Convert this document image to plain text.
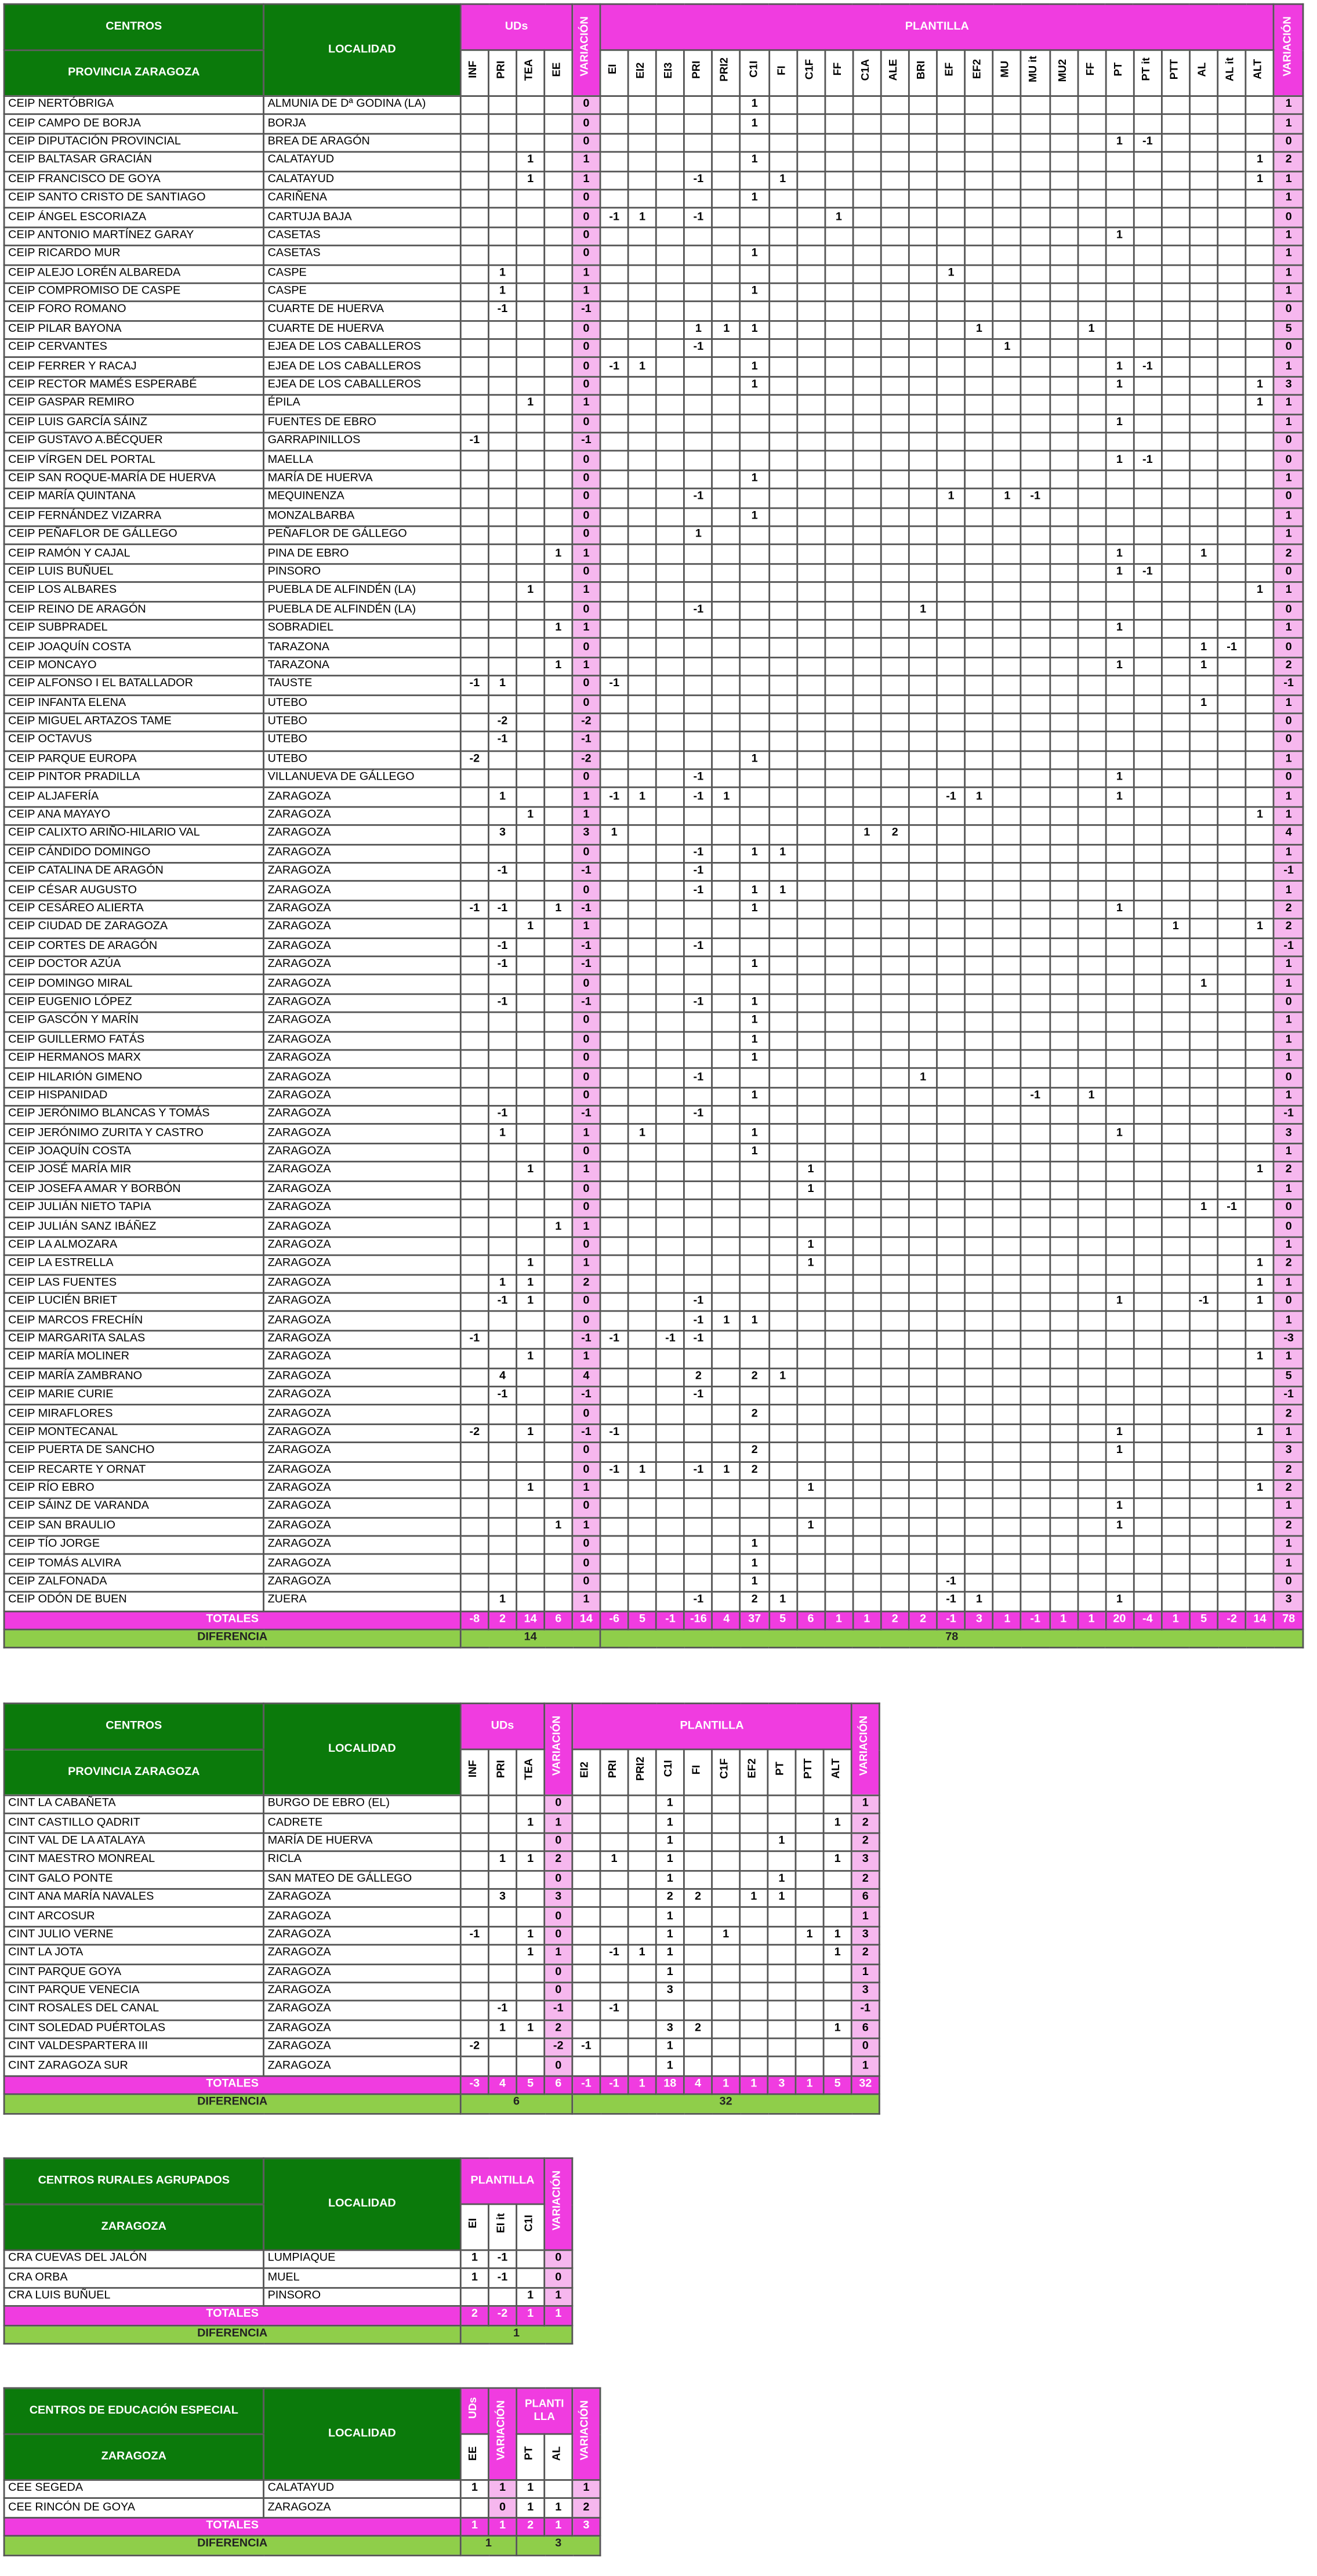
CENTROS	LOCALIDAD	UDs				VARIACIÓN	PLANTILLA																								VARIACIÓN
PROVINCIA ZARAGOZA		INF	PRI	TEA	EE		EI	EI2	EI3	PRI	PRI2	C1I	FI	C1F	FF	C1A	ALE	BRI	EF	EF2	MU	MU it	MU2	FF	PT	PT it	PTT	AL	AL it	ALT	
CEIP NERTÓBRIGA	ALMUNIA DE Dª GODINA (LA)					0						1																			1
CEIP CAMPO DE BORJA	BORJA					0						1																			1
CEIP DIPUTACIÓN PROVINCIAL	BREA DE ARAGÓN					0																			1	-1					0
CEIP BALTASAR GRACIÁN	CALATAYUD			1		1						1																		1	2
CEIP FRANCISCO DE GOYA	CALATAYUD			1		1				-1			1																	1	1
CEIP SANTO CRISTO DE SANTIAGO	CARIÑENA					0						1																			1
CEIP ÁNGEL ESCORIAZA	CARTUJA BAJA					0	-1	1		-1					1																0
CEIP ANTONIO MARTÍNEZ GARAY	CASETAS					0																			1						1
CEIP RICARDO MUR	CASETAS					0						1																			1
CEIP ALEJO LORÉN ALBAREDA	CASPE		1			1													1												1
CEIP COMPROMISO DE CASPE	CASPE		1			1						1																			1
CEIP FORO ROMANO	CUARTE DE HUERVA		-1			-1																									0
CEIP PILAR BAYONA	CUARTE DE HUERVA					0				1	1	1								1				1							5
CEIP CERVANTES	EJEA DE LOS CABALLEROS					0				-1											1										0
CEIP FERRER Y RACAJ	EJEA DE LOS CABALLEROS					0	-1	1				1													1	-1					1
CEIP RECTOR MAMÉS ESPERABÉ	EJEA DE LOS CABALLEROS					0						1													1					1	3
CEIP GASPAR REMIRO	ÉPILA			1		1																								1	1
CEIP LUIS GARCÍA SÁINZ	FUENTES DE EBRO					0																			1						1
CEIP GUSTAVO A.BÉCQUER	GARRAPINILLOS	-1				-1																									0
CEIP VÍRGEN DEL PORTAL	MAELLA					0																			1	-1					0
CEIP SAN ROQUE-MARÍA DE HUERVA	MARÍA DE HUERVA					0						1																			1
CEIP MARÍA QUINTANA	MEQUINENZA					0				-1									1		1	-1									0
CEIP FERNÁNDEZ VIZARRA	MONZALBARBA					0						1																			1
CEIP PEÑAFLOR DE GÁLLEGO	PEÑAFLOR DE GÁLLEGO					0				1																					1
CEIP RAMÓN Y CAJAL	PINA DE EBRO				1	1																			1			1			2
CEIP LUIS BUÑUEL	PINSORO					0																			1	-1					0
CEIP LOS ALBARES	PUEBLA DE ALFINDÉN (LA)			1		1																								1	1
CEIP REINO DE ARAGÓN	PUEBLA DE ALFINDÉN (LA)					0				-1								1													0
CEIP SUBPRADEL	SOBRADIEL				1	1																			1						1
CEIP JOAQUÍN COSTA	TARAZONA					0																						1	-1		0
CEIP MONCAYO	TARAZONA				1	1																			1			1			2
CEIP ALFONSO I EL BATALLADOR	TAUSTE	-1	1			0	-1																								-1
CEIP INFANTA ELENA	UTEBO					0																						1			1
CEIP MIGUEL ARTAZOS TAME	UTEBO		-2			-2																									0
CEIP OCTAVUS	UTEBO		-1			-1																									0
CEIP PARQUE EUROPA	UTEBO	-2				-2						1																			1
CEIP PINTOR PRADILLA	VILLANUEVA DE GÁLLEGO					0				-1															1						0
CEIP ALJAFERÍA	ZARAGOZA		1			1	-1	1		-1	1								-1	1					1						1
CEIP ANA MAYAYO	ZARAGOZA			1		1																								1	1
CEIP CALIXTO ARIÑO-HILARIO VAL	ZARAGOZA		3			3	1									1	2														4
CEIP CÁNDIDO DOMINGO	ZARAGOZA					0				-1		1	1																		1
CEIP CATALINA DE ARAGÓN	ZARAGOZA		-1			-1				-1																					-1
CEIP CÉSAR AUGUSTO	ZARAGOZA					0				-1		1	1																		1
CEIP CESÁREO ALIERTA	ZARAGOZA	-1	-1		1	-1						1													1						2
CEIP CIUDAD DE ZARAGOZA	ZARAGOZA			1		1																					1			1	2
CEIP CORTES DE ARAGÓN	ZARAGOZA		-1			-1				-1																					-1
CEIP DOCTOR AZÚA	ZARAGOZA		-1			-1						1																			1
CEIP DOMINGO MIRAL	ZARAGOZA					0																						1			1
CEIP EUGENIO LÓPEZ	ZARAGOZA		-1			-1				-1		1																			0
CEIP GASCÓN Y MARÍN	ZARAGOZA					0						1																			1
CEIP GUILLERMO FATÁS	ZARAGOZA					0						1																			1
CEIP HERMANOS MARX	ZARAGOZA					0						1																			1
CEIP HILARIÓN GIMENO	ZARAGOZA					0				-1								1													0
CEIP HISPANIDAD	ZARAGOZA					0						1										-1		1							1
CEIP JERÓNIMO BLANCAS Y TOMÁS	ZARAGOZA		-1			-1				-1																					-1
CEIP JERÓNIMO ZURITA Y CASTRO	ZARAGOZA		1			1		1				1													1						3
CEIP JOAQUÍN COSTA	ZARAGOZA					0						1																			1
CEIP JOSÉ MARÍA MIR	ZARAGOZA			1		1								1																1	2
CEIP JOSEFA AMAR Y BORBÓN	ZARAGOZA					0								1																	1
CEIP JULIÁN NIETO TAPIA	ZARAGOZA					0																						1	-1		0
CEIP JULIÁN SANZ IBÁÑEZ	ZARAGOZA				1	1																									0
CEIP LA ALMOZARA	ZARAGOZA					0								1																	1
CEIP LA ESTRELLA	ZARAGOZA			1		1								1																1	2
CEIP LAS FUENTES	ZARAGOZA		1	1		2																								1	1
CEIP LUCIÉN BRIET	ZARAGOZA		-1	1		0				-1															1			-1		1	0
CEIP MARCOS FRECHÍN	ZARAGOZA					0				-1	1	1																			1
CEIP MARGARITA SALAS	ZARAGOZA	-1				-1	-1		-1	-1																					-3
CEIP MARÍA MOLINER	ZARAGOZA			1		1																								1	1
CEIP MARÍA ZAMBRANO	ZARAGOZA		4			4				2		2	1																		5
CEIP MARIE CURIE	ZARAGOZA		-1			-1				-1																					-1
CEIP MIRAFLORES	ZARAGOZA					0						2																			2
CEIP MONTECANAL	ZARAGOZA	-2		1		-1	-1																		1					1	1
CEIP PUERTA DE SANCHO	ZARAGOZA					0						2													1						3
CEIP RECARTE Y ORNAT	ZARAGOZA					0	-1	1		-1	1	2																			2
CEIP RÍO EBRO	ZARAGOZA			1		1								1																1	2
CEIP SÁINZ DE VARANDA	ZARAGOZA					0																			1						1
CEIP SAN BRAULIO	ZARAGOZA				1	1								1											1						2
CEIP TÍO JORGE	ZARAGOZA					0						1																			1
CEIP TOMÁS ALVIRA	ZARAGOZA					0						1																			1
CEIP ZALFONADA	ZARAGOZA					0						1							-1												0
CEIP ODÓN DE BUEN	ZUERA		1			1				-1		2	1						-1	1					1						3
TOTALES		-8	2	14	6	14	-6	5	-1	-16	4	37	5	6	1	1	2	2	-1	3	1	-1	1	1	20	-4	1	5	-2	14	78
DIFERENCIA		14					78																								
CENTROS	LOCALIDAD	UDs			VARIACIÓN	PLANTILLA										VARIACIÓN
PROVINCIA ZARAGOZA		INF	PRI	TEA		EI2	PRI	PRI2	C1I	FI	C1F	EF2	PT	PTT	ALT	
CINT LA CABAÑETA	BURGO DE EBRO (EL)				0				1							1
CINT CASTILLO QADRIT	CADRETE			1	1				1						1	2
CINT VAL DE LA ATALAYA	MARÍA DE HUERVA				0				1				1			2
CINT MAESTRO MONREAL	RICLA		1	1	2		1		1						1	3
CINT GALO PONTE	SAN MATEO DE GÁLLEGO				0				1				1			2
CINT ANA MARÍA NAVALES	ZARAGOZA		3		3				2	2		1	1			6
CINT ARCOSUR	ZARAGOZA				0				1							1
CINT JULIO VERNE	ZARAGOZA	-1		1	0				1		1			1	1	3
CINT LA JOTA	ZARAGOZA			1	1		-1	1	1						1	2
CINT PARQUE GOYA	ZARAGOZA				0				1							1
CINT PARQUE VENECIA	ZARAGOZA				0				3							3
CINT ROSALES DEL CANAL	ZARAGOZA		-1		-1		-1									-1
CINT SOLEDAD PUÉRTOLAS	ZARAGOZA		1	1	2				3	2					1	6
CINT VALDESPARTERA III	ZARAGOZA	-2			-2	-1			1							0
CINT ZARAGOZA SUR	ZARAGOZA				0				1							1
TOTALES		-3	4	5	6	-1	-1	1	18	4	1	1	3	1	5	32
DIFERENCIA		6				32										
CENTROS RURALES AGRUPADOS	LOCALIDAD	PLANTILLA			VARIACIÓN
ZARAGOZA		EI	EI it	C1I	
CRA CUEVAS DEL JALÓN	LUMPIAQUE	1	-1		0
CRA ORBA	MUEL	1	-1		0
CRA LUIS BUÑUEL	PINSORO			1	1
TOTALES		2	-2	1	1
DIFERENCIA		1			
CENTROS DE EDUCACIÓN ESPECIAL	LOCALIDAD	UDs	VARIACIÓN	PLANTI LLA		VARIACIÓN
ZARAGOZA		EE		PT	AL	
CEE SEGEDA	CALATAYUD	1	1	1		1
CEE RINCÓN DE GOYA	ZARAGOZA		0	1	1	2
TOTALES		1	1	2	1	3
DIFERENCIA		1		3		
